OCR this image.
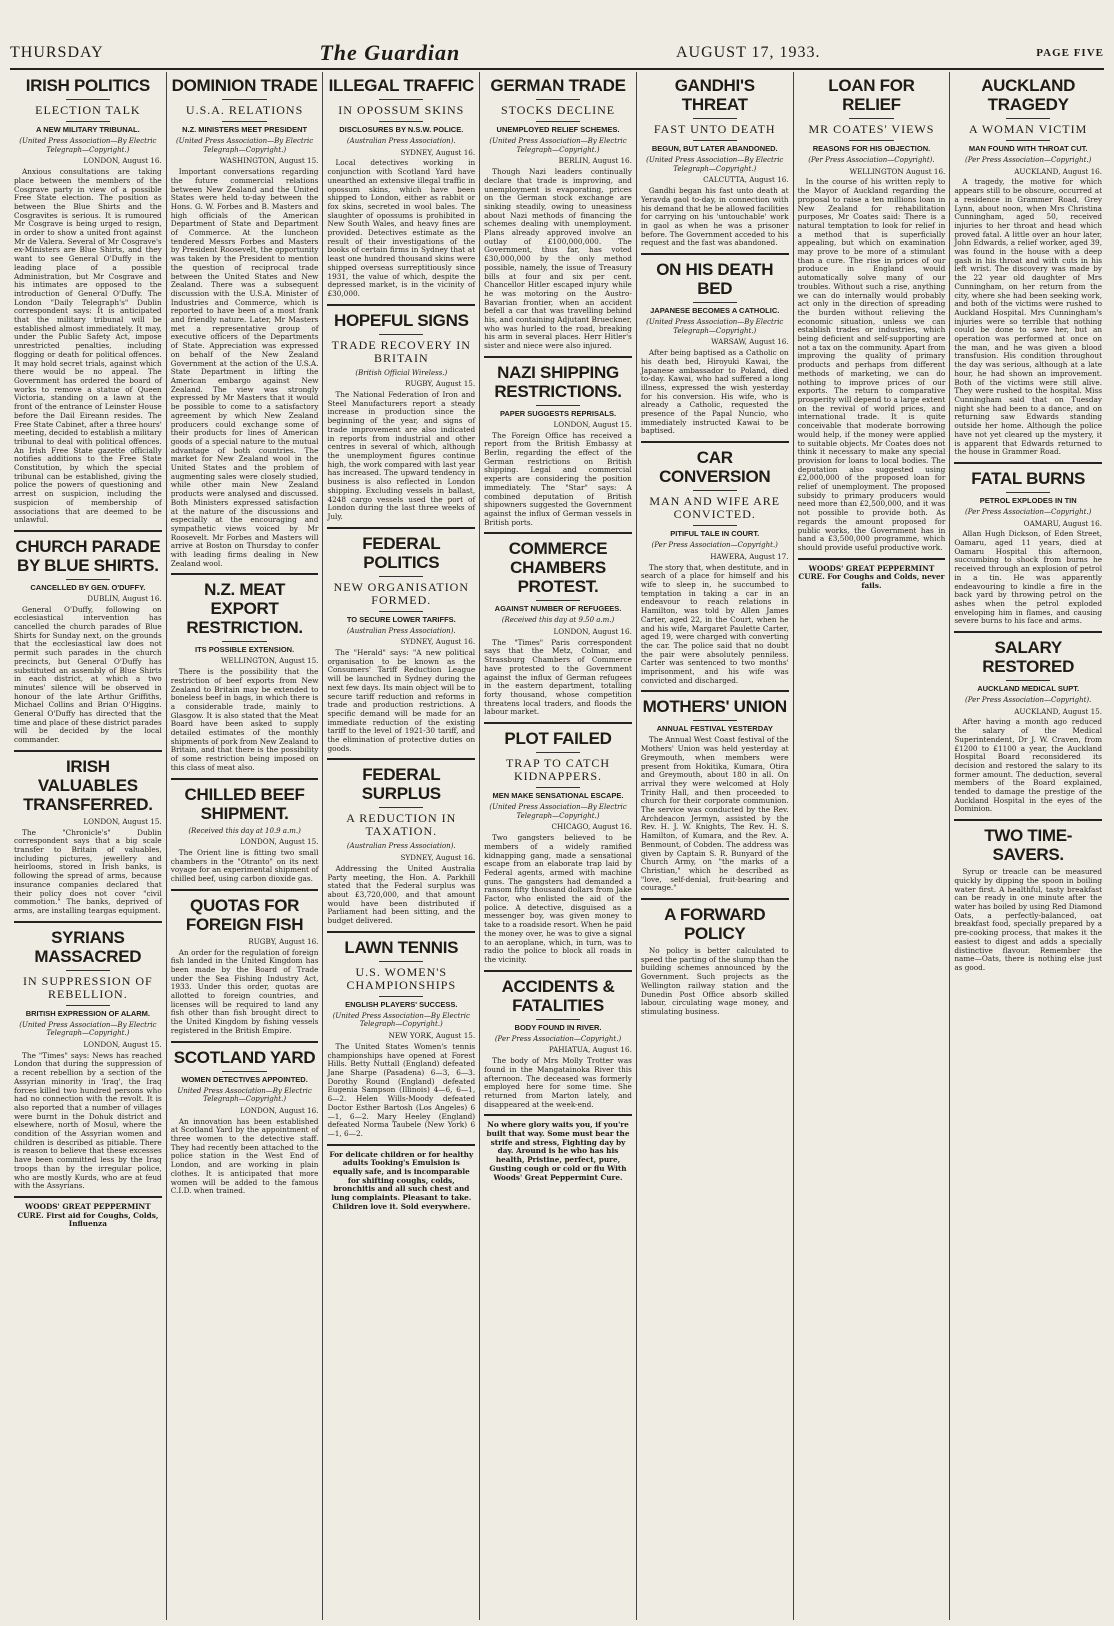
THURSDAY	The Guardian	AUGUST 17, 1933.	PAGE FIVE
IRISH POLITICS
ELECTION TALK
A NEW MILITARY TRIBUNAL.
(United Press Association—By Electric Telegraph—Copyright.)
LONDON, August 16.

Anxious consultations are taking place between the members of the Cosgrave party in view of a possible Free State election. The position as between the Blue Shirts and the Cosgravites is serious. It is rumoured Mr Cosgrave is being urged to resign, in order to show a united front against Mr de Valera. Several of Mr Cosgrave's ex-Ministers are Blue Shirts, and they want to see General O'Duffy in the leading place of a possible Administration, but Mr Cosgrave and his intimates are opposed to the introduction of General O'Duffy. The London "Daily Telegraph's" Dublin correspondent says: It is anticipated that the military tribunal will be established almost immediately. It may, under the Public Safety Act, impose unrestricted penalties, including flogging or death for political offences. It may hold secret trials, against which there would be no appeal. The Government has ordered the board of works to remove a statue of Queen Victoria, standing on a lawn at the front of the entrance of Leinster House before the Dail Eireann resides. The Free State Cabinet, after a three hours' meeting, decided to establish a military tribunal to deal with political offences. An Irish Free State gazette officially notifies additions to the Free State Constitution, by which the special tribunal can be established, giving the police the powers of questioning and arrest on suspicion, including the suspicion of membership of associations that are deemed to be unlawful.

CHURCH PARADE BY BLUE SHIRTS.
CANCELLED BY GEN. O'DUFFY.
DUBLIN, August 16.

General O'Duffy, following on ecclesiastical intervention has cancelled the church parades of Blue Shirts for Sunday next, on the grounds that the ecclesiastical law does not permit such parades in the church precincts, but General O'Duffy has substituted an assembly of Blue Shirts in each district, at which a two minutes' silence will be observed in honour of the late Arthur Griffiths, Michael Collins and Brian O'Higgins. General O'Duffy has directed that the time and place of these district parades will be decided by the local commander.

IRISH VALUABLES TRANSFERRED.
LONDON, August 15.

The "Chronicle's" Dublin correspondent says that a big scale transfer to Britain of valuables, including pictures, jewellery and heirlooms, stored in Irish banks, is following the spread of arms, because insurance companies declared that their policy does not cover "civil commotion." The banks, deprived of arms, are installing teargas equipment.

SYRIANS MASSACRED
IN SUPPRESSION OF REBELLION.
BRITISH EXPRESSION OF ALARM.
(United Press Association—By Electric Telegraph—Copyright.)
LONDON, August 15.

The "Times" says: News has reached London that during the suppression of a recent rebellion by a section of the Assyrian minority in 'Iraq', the Iraq forces killed two hundred persons who had no connection with the revolt. It is also reported that a number of villages were burnt in the Dohuk district and elsewhere, north of Mosul, where the condition of the Assyrian women and children is described as pitiable. There is reason to believe that these excesses have been committed less by the Iraq troops than by the irregular police, who are mostly Kurds, who are at feud with the Assyrians.

WOODS' GREAT PEPPERMINT CURE. First aid for Coughs, Colds, Influenza
DOMINION TRADE
U.S.A. RELATIONS
N.Z. MINISTERS MEET PRESIDENT
(United Press Association—By Electric Telegraph—Copyright.)
WASHINGTON, August 15.

Important conversations regarding the future commercial relations between New Zealand and the United States were held to-day between the Hons. G. W. Forbes and B. Masters and high officials of the American Department of State and Department of Commerce. At the luncheon tendered Messrs Forbes and Masters by President Roosevelt, the opportunity was taken by the President to mention the question of reciprocal trade between the United States and New Zealand. There was a subsequent discussion with the U.S.A. Minister of Industries and Commerce, which is reported to have been of a most frank and friendly nature. Later, Mr Masters met a representative group of executive officers of the Departments of State. Appreciation was expressed on behalf of the New Zealand Government at the action of the U.S.A. State Department in lifting the American embargo against New Zealand. The view was strongly expressed by Mr Masters that it would be possible to come to a satisfactory agreement by which New Zealand producers could exchange some of their products for lines of American goods of a special nature to the mutual advantage of both countries. The market for New Zealand wool in the United States and the problem of augmenting sales were closely studied, while other main New Zealand products were analysed and discussed. Both Ministers expressed satisfaction at the nature of the discussions and especially at the encouraging and sympathetic views voiced by Mr Roosevelt. Mr Forbes and Masters will arrive at Boston on Thursday to confer with leading firms dealing in New Zealand wool.

N.Z. MEAT EXPORT RESTRICTION.
ITS POSSIBLE EXTENSION.
WELLINGTON, August 15.

There is the possibility that the restriction of beef exports from New Zealand to Britain may be extended to boneless beef in bags, in which there is a considerable trade, mainly to Glasgow. It is also stated that the Meat Board have been asked to supply detailed estimates of the monthly shipments of pork from New Zealand to Britain, and that there is the possibility of some restriction being imposed on this class of meat also.

CHILLED BEEF SHIPMENT.
(Received this day at 10.9 a.m.)
LONDON, August 15.

The Orient line is fitting two small chambers in the "Otranto" on its next voyage for an experimental shipment of chilled beef, using carbon dioxide gas.

QUOTAS FOR FOREIGN FISH
RUGBY, August 16.

An order for the regulation of foreign fish landed in the United Kingdom has been made by the Board of Trade under the Sea Fishing Industry Act, 1933. Under this order, quotas are allotted to foreign countries, and licenses will be required to land any fish other than fish brought direct to the United Kingdom by fishing vessels registered in the British Empire.

SCOTLAND YARD
WOMEN DETECTIVES APPOINTED.
United Press Association—By Electric Telegraph—Copyright.)
LONDON, August 16.

An innovation has been established at Scotland Yard by the appointment of three women to the detective staff. They had recently been attached to the police station in the West End of London, and are working in plain clothes. It is anticipated that more women will be added to the famous C.I.D. when trained.

ILLEGAL TRAFFIC
IN OPOSSUM SKINS
DISCLOSURES BY N.S.W. POLICE.
(Australian Press Association).
SYDNEY, August 16.

Local detectives working in conjunction with Scotland Yard have unearthed an extensive illegal traffic in opossum skins, which have been shipped to London, either as rabbit or fox skins, secreted in wool bales. The slaughter of opossums is prohibited in New South Wales, and heavy fines are provided. Detectives estimate as the result of their investigations of the books of certain firms in Sydney that at least one hundred thousand skins were shipped overseas surreptitiously since 1931, the value of which, despite the depressed market, is in the vicinity of £30,000.

HOPEFUL SIGNS
TRADE RECOVERY IN BRITAIN
(British Official Wireless.)
RUGBY, August 15.

The National Federation of Iron and Steel Manufacturers report a steady increase in production since the beginning of the year, and signs of trade improvement are also indicated in reports from industrial and other centres in several of which, although the unemployment figures continue high, the work compared with last year has increased. The upward tendency in business is also reflected in London shipping. Excluding vessels in ballast, 4248 cargo vessels used the port of London during the last three weeks of July.

FEDERAL POLITICS
NEW ORGANISATION FORMED.
TO SECURE LOWER TARIFFS.
(Australian Press Association).
SYDNEY, August 16.

The "Herald" says: "A new political organisation to be known as the Consumers' Tariff Reduction League will be launched in Sydney during the next few days. Its main object will be to secure tariff reduction and reforms in trade and production restrictions. A specific demand will be made for an immediate reduction of the existing tariff to the level of 1921-30 tariff, and the elimination of protective duties on goods.

FEDERAL SURPLUS
A REDUCTION IN TAXATION.
(Australian Press Association).
SYDNEY, August 16.

Addressing the United Australia Party meeting, the Hon. A. Parkhill stated that the Federal surplus was about £3,720,000, and that amount would have been distributed if Parliament had been sitting, and the budget delivered.

LAWN TENNIS
U.S. WOMEN'S CHAMPIONSHIPS
ENGLISH PLAYERS' SUCCESS.
(United Press Association—By Electric Telegraph—Copyright.)
NEW YORK, August 15.

The United States Women's tennis championships have opened at Forest Hills. Betty Nuttall (England) defeated Jane Sharpe (Pasadena) 6—3, 6—3. Dorothy Round (England) defeated Eugenia Sampson (Illinois) 4—6, 6—1, 6—2. Helen Wills-Moody defeated Doctor Esther Bartosh (Los Angeles) 6—1, 6—2. Mary Heeley (England) defeated Norma Taubele (New York) 6—1, 6—2.

For delicate children or for healthy adults Tooking's Emulsion is equally safe, and is incomparable for shifting coughs, colds, bronchitis and all such chest and lung complaints. Pleasant to take. Children love it. Sold everywhere.
GERMAN TRADE
STOCKS DECLINE
UNEMPLOYED RELIEF SCHEMES.
(United Press Association—By Electric Telegraph—Copyright.)
BERLIN, August 16.

Though Nazi leaders continually declare that trade is improving, and unemployment is evaporating, prices on the German stock exchange are sinking steadily, owing to uneasiness about Nazi methods of financing the schemes dealing with unemployment. Plans already approved involve an outlay of £100,000,000. The Government, thus far, has voted £30,000,000 by the only method possible, namely, the issue of Treasury bills at four and six per cent. Chancellor Hitler escaped injury while he was motoring on the Austro-Bavarian frontier, when an accident befell a car that was travelling behind his, and containing Adjutant Brueckner, who was hurled to the road, breaking his arm in several places. Herr Hitler's sister and niece were also injured.

NAZI SHIPPING RESTRICTIONS.
PAPER SUGGESTS REPRISALS.
LONDON, August 15.

The Foreign Office has received a report from the British Embassy at Berlin, regarding the effect of the German restrictions on British shipping. Legal and commercial experts are considering the position immediately. The "Star" says: A combined deputation of British shipowners suggested the Government against the influx of German vessels in British ports.

COMMERCE CHAMBERS PROTEST.
AGAINST NUMBER OF REFUGEES.
(Received this day at 9.50 a.m.)
LONDON, August 16.

The "Times" Paris correspondent says that the Metz, Colmar, and Strassburg Chambers of Commerce have protested to the Government against the influx of German refugees in the eastern department, totalling forty thousand, whose competition threatens local traders, and floods the labour market.

PLOT FAILED
TRAP TO CATCH KIDNAPPERS.
MEN MAKE SENSATIONAL ESCAPE.
(United Press Association—By Electric Telegraph—Copyright.)
CHICAGO, August 16.

Two gangsters believed to be members of a widely ramified kidnapping gang, made a sensational escape from an elaborate trap laid by Federal agents, armed with machine guns. The gangsters had demanded a ransom fifty thousand dollars from Jake Factor, who enlisted the aid of the police. A detective, disguised as a messenger boy, was given money to take to a roadside resort. When he paid the money over, he was to give a signal to an aeroplane, which, in turn, was to radio the police to block all roads in the vicinity.

ACCIDENTS & FATALITIES
BODY FOUND IN RIVER.
(Per Press Association—Copyright.)
PAHIATUA, August 16.

The body of Mrs Molly Trotter was found in the Mangatainoka River this afternoon. The deceased was formerly employed here for some time. She returned from Marton lately, and disappeared at the week-end.

No where glory waits you, if you're built that way. Some must bear the strife and stress, Fighting day by day. Around is he who has his health, Pristine, perfect, pure, Gusting cough or cold or flu With Woods' Great Peppermint Cure.
GANDHI'S THREAT
FAST UNTO DEATH
BEGUN, BUT LATER ABANDONED.
(United Press Association—By Electric Telegraph—Copyright.)
CALCUTTA, August 16.

Gandhi began his fast unto death at Yeravda gaol to-day, in connection with his demand that he be allowed facilities for carrying on his 'untouchable' work in gaol as when he was a prisoner before. The Government acceded to his request and the fast was abandoned.

ON HIS DEATH BED
JAPANESE BECOMES A CATHOLIC.
(United Press Association—By Electric Telegraph—Copyright.)
WARSAW, August 16.

After being baptised as a Catholic on his death bed, Hiroyuki Kawai, the Japanese ambassador to Poland, died to-day. Kawai, who had suffered a long illness, expressed the wish yesterday for his conversion. His wife, who is already a Catholic, requested the presence of the Papal Nuncio, who immediately instructed Kawai to be baptised.

CAR CONVERSION
MAN AND WIFE ARE CONVICTED.
PITIFUL TALE IN COURT.
(Per Press Association—Copyright.)
HAWERA, August 17.

The story that, when destitute, and in search of a place for himself and his wife to sleep in, he succumbed to temptation in taking a car in an endeavour to reach relations in Hamilton, was told by Allen James Carter, aged 22, in the Court, when he and his wife, Margaret Paulette Carter, aged 19, were charged with converting the car. The police said that no doubt the pair were absolutely penniless. Carter was sentenced to two months' imprisonment, and his wife was convicted and discharged.

MOTHERS' UNION
ANNUAL FESTIVAL YESTERDAY

The Annual West Coast festival of the Mothers' Union was held yesterday at Greymouth, when members were present from Hokitika, Kumara, Otira and Greymouth, about 180 in all. On arrival they were welcomed at Holy Trinity Hall, and then proceeded to church for their corporate communion. The service was conducted by the Rev. Archdeacon Jermyn, assisted by the Rev. H. J. W. Knights, The Rev. H. S. Hamilton, of Kumara, and the Rev. A. Benmount, of Cobden. The address was given by Captain S. R. Bunyard of the Church Army, on "the marks of a Christian," which he described as "love, self-denial, fruit-bearing and courage."

A FORWARD POLICY

No policy is better calculated to speed the parting of the slump than the building schemes announced by the Government. Such projects as the Wellington railway station and the Dunedin Post Office absorb skilled labour, circulating wage money, and stimulating business.

LOAN FOR RELIEF
MR COATES' VIEWS
REASONS FOR HIS OBJECTION.
(Per Press Association—Copyright).
WELLINGTON August 16.

In the course of his written reply to the Mayor of Auckland regarding the proposal to raise a ten millions loan in New Zealand for rehabilitation purposes, Mr Coates said: There is a natural temptation to look for relief in a method that is superficially appealing, but which on examination may prove to be more of a stimulant than a cure. The rise in prices of our produce in England would automatically solve many of our troubles. Without such a rise, anything we can do internally would probably act only in the direction of spreading the burden without relieving the economic situation, unless we can establish trades or industries, which being deficient and self-supporting are not a tax on the community. Apart from improving the quality of primary products and perhaps from different methods of marketing, we can do nothing to improve prices of our exports. The return to comparative prosperity will depend to a large extent on the revival of world prices, and international trade. It is quite conceivable that moderate borrowing would help, if the money were applied to suitable objects. Mr Coates does not think it necessary to make any special provision for loans to local bodies. The deputation also suggested using £2,000,000 of the proposed loan for relief of unemployment. The proposed subsidy to primary producers would need more than £2,500,000, and it was not possible to provide both. As regards the amount proposed for public works, the Government has in hand a £3,500,000 programme, which should provide useful productive work.

WOODS' GREAT PEPPERMINT CURE. For Coughs and Colds, never fails.
AUCKLAND TRAGEDY
A WOMAN VICTIM
MAN FOUND WITH THROAT CUT.
(Per Press Association—Copyright.)
AUCKLAND, August 16.

A tragedy, the motive for which appears still to be obscure, occurred at a residence in Grammer Road, Grey Lynn, about noon, when Mrs Christina Cunningham, aged 50, received injuries to her throat and head which proved fatal. A little over an hour later, John Edwards, a relief worker, aged 39, was found in the house with a deep gash in his throat and with cuts in his left wrist. The discovery was made by the 22 year old daughter of Mrs Cunningham, on her return from the city, where she had been seeking work, and both of the victims were rushed to Auckland Hospital. Mrs Cunningham's injuries were so terrible that nothing could be done to save her, but an operation was performed at once on the man, and he was given a blood transfusion. His condition throughout the day was serious, although at a late hour, he had shown an improvement. Both of the victims were still alive. They were rushed to the hospital. Miss Cunningham said that on Tuesday night she had been to a dance, and on returning saw Edwards standing outside her home. Although the police have not yet cleared up the mystery, it is apparent that Edwards returned to the house in Grammer Road.

FATAL BURNS
PETROL EXPLODES IN TIN
(Per Press Association—Copyright.)
OAMARU, August 16.

Allan Hugh Dickson, of Eden Street, Oamaru, aged 11 years, died at Oamaru Hospital this afternoon, succumbing to shock from burns he received through an explosion of petrol in a tin. He was apparently endeavouring to kindle a fire in the back yard by throwing petrol on the ashes when the petrol exploded enveloping him in flames, and causing severe burns to his face and arms.

SALARY RESTORED
AUCKLAND MEDICAL SUPT.
(Per Press Association—Copyright).
AUCKLAND, August 15.

After having a month ago reduced the salary of the Medical Superintendent, Dr J. W. Craven, from £1200 to £1100 a year, the Auckland Hospital Board reconsidered its decision and restored the salary to its former amount. The deduction, several members of the Board explained, tended to damage the prestige of the Auckland Hospital in the eyes of the Dominion.

TWO TIME-SAVERS.

Syrup or treacle can be measured quickly by dipping the spoon in boiling water first. A healthful, tasty breakfast can be ready in one minute after the water has boiled by using Red Diamond Oats, a perfectly-balanced, oat breakfast food, specially prepared by a pre-cooking process, that makes it the easiest to digest and adds a specially distinctive flavour. Remember the name—Oats, there is nothing else just as good.
